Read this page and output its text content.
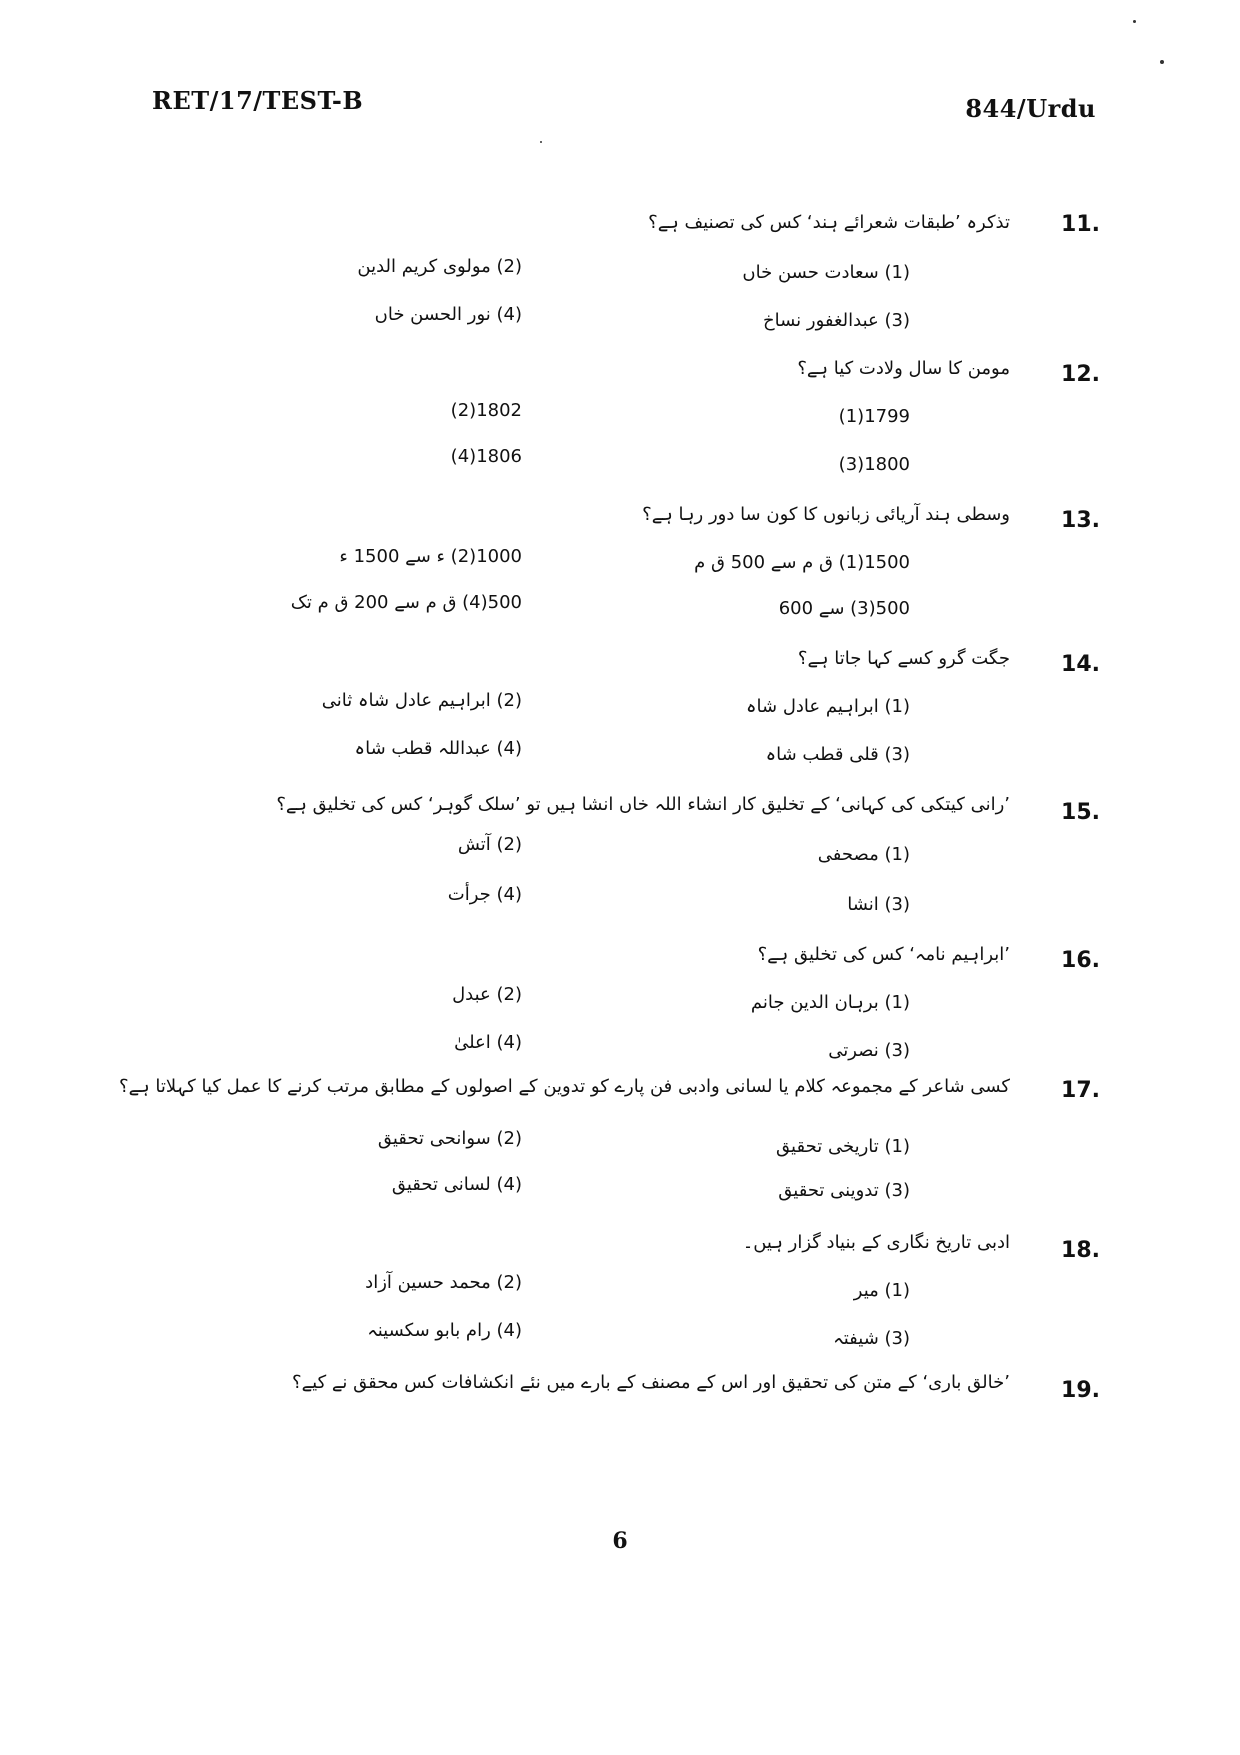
RET/17/TEST-B	844/Urdu
11.
تذکرہ ’طبقات شعرائے ہند‘ کس کی تصنیف ہے؟
(1) سعادت حسن خاں
(2) مولوی کریم الدین
(3) عبدالغفور نساخ
(4) نور الحسن خاں
12.
مومن کا سال ولادت کیا ہے؟
1799(1)
1802(2)
1800(3)
1806(4)
13.
وسطی ہند آریائی زبانوں کا کون سا دور رہا ہے؟
1500(1) ق م سے 500 ق م
1000(2) ء سے 1500 ء
500(3) سے 600
500(4) ق م سے 200 ق م تک
14.
جگت گرو کسے کہا جاتا ہے؟
(1) ابراہیم عادل شاہ
(2) ابراہیم عادل شاہ ثانی
(3) قلی قطب شاہ
(4) عبداللہ قطب شاہ
15.
’رانی کیتکی کی کہانی‘ کے تخلیق کار انشاء اللہ خاں انشا ہیں تو ’سلک گوہر‘ کس کی تخلیق ہے؟
(1) مصحفی
(2) آتش
(3) انشا
(4) جرأت
16.
’ابراہیم نامہ‘ کس کی تخلیق ہے؟
(1) برہان الدین جانم
(2) عبدل
(3) نصرتی
(4) اعلیٰ
17.
کسی شاعر کے مجموعہ کلام یا لسانی وادبی فن پارے کو تدوین کے اصولوں کے مطابق مرتب کرنے کا عمل کیا کہلاتا ہے؟
(1) تاریخی تحقیق
(2) سوانحی تحقیق
(3) تدوینی تحقیق
(4) لسانی تحقیق
18.
ادبی تاریخ نگاری کے بنیاد گزار ہیں۔
(1) میر
(2) محمد حسین آزاد
(3) شیفتہ
(4) رام بابو سکسینہ
19.
’خالق باری‘ کے متن کی تحقیق اور اس کے مصنف کے بارے میں نئے انکشافات کس محقق نے کیے؟
6
